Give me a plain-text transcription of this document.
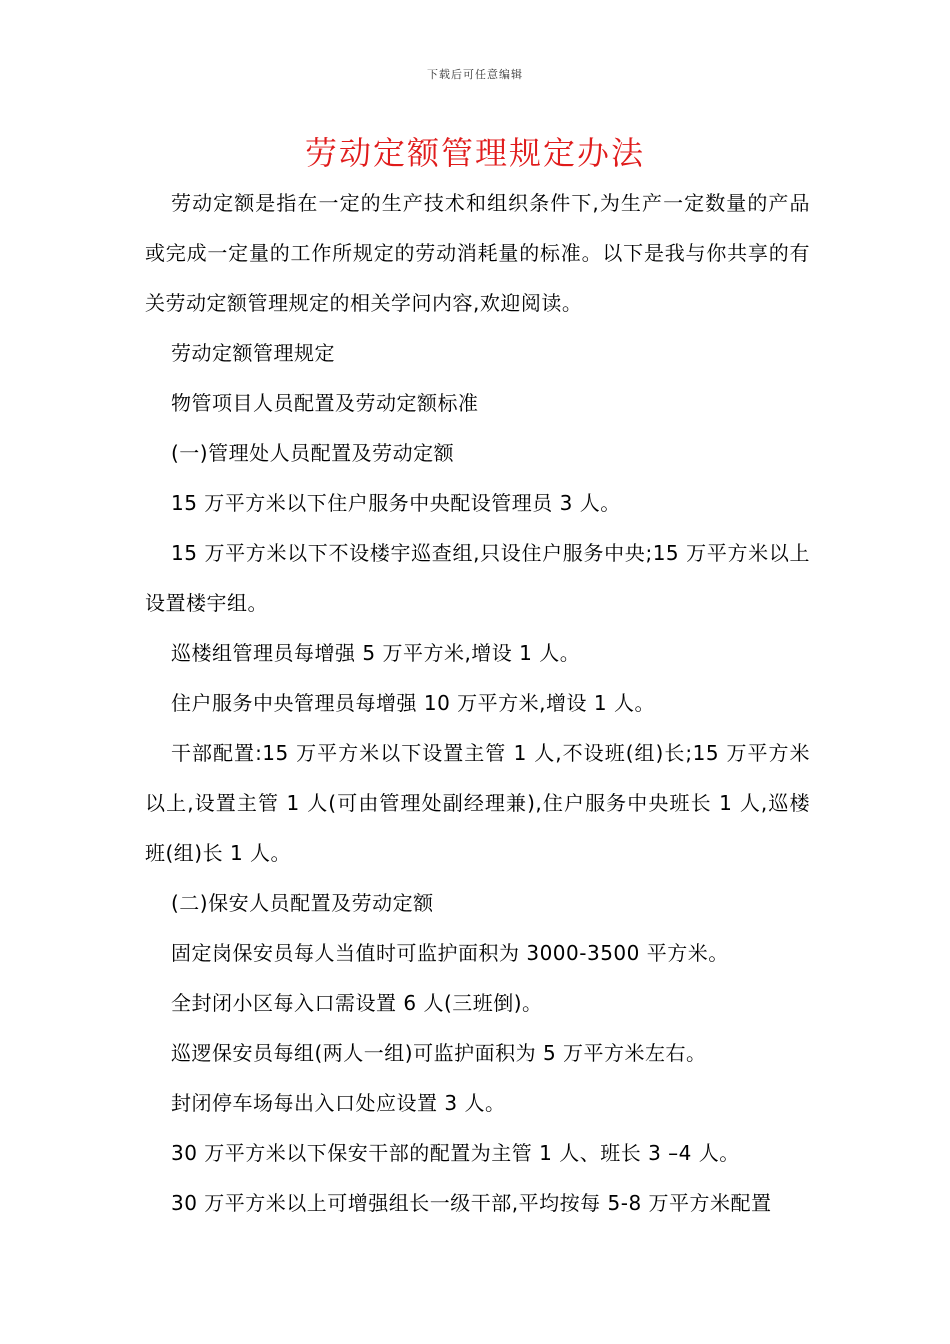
下载后可任意编辑
劳动定额管理规定办法

劳动定额是指在一定的生产技术和组织条件下,为生产一定数量的产品或完成一定量的工作所规定的劳动消耗量的标准。以下是我与你共享的有关劳动定额管理规定的相关学问内容,欢迎阅读。

劳动定额管理规定

物管项目人员配置及劳动定额标准

(一)管理处人员配置及劳动定额

15 万平方米以下住户服务中央配设管理员 3 人。

15 万平方米以下不设楼宇巡查组,只设住户服务中央;15 万平方米以上设置楼宇组。

巡楼组管理员每增强 5 万平方米,增设 1 人。

住户服务中央管理员每增强 10 万平方米,增设 1 人。

干部配置:15 万平方米以下设置主管 1 人,不设班(组)长;15 万平方米以上,设置主管 1 人(可由管理处副经理兼),住户服务中央班长 1 人,巡楼班(组)长 1 人。

(二)保安人员配置及劳动定额

固定岗保安员每人当值时可监护面积为 3000-3500 平方米。

全封闭小区每入口需设置 6 人(三班倒)。

巡逻保安员每组(两人一组)可监护面积为 5 万平方米左右。

封闭停车场每出入口处应设置 3 人。

30 万平方米以下保安干部的配置为主管 1 人、班长 3 –4 人。

30 万平方米以上可增强组长一级干部,平均按每 5-8 万平方米配置
